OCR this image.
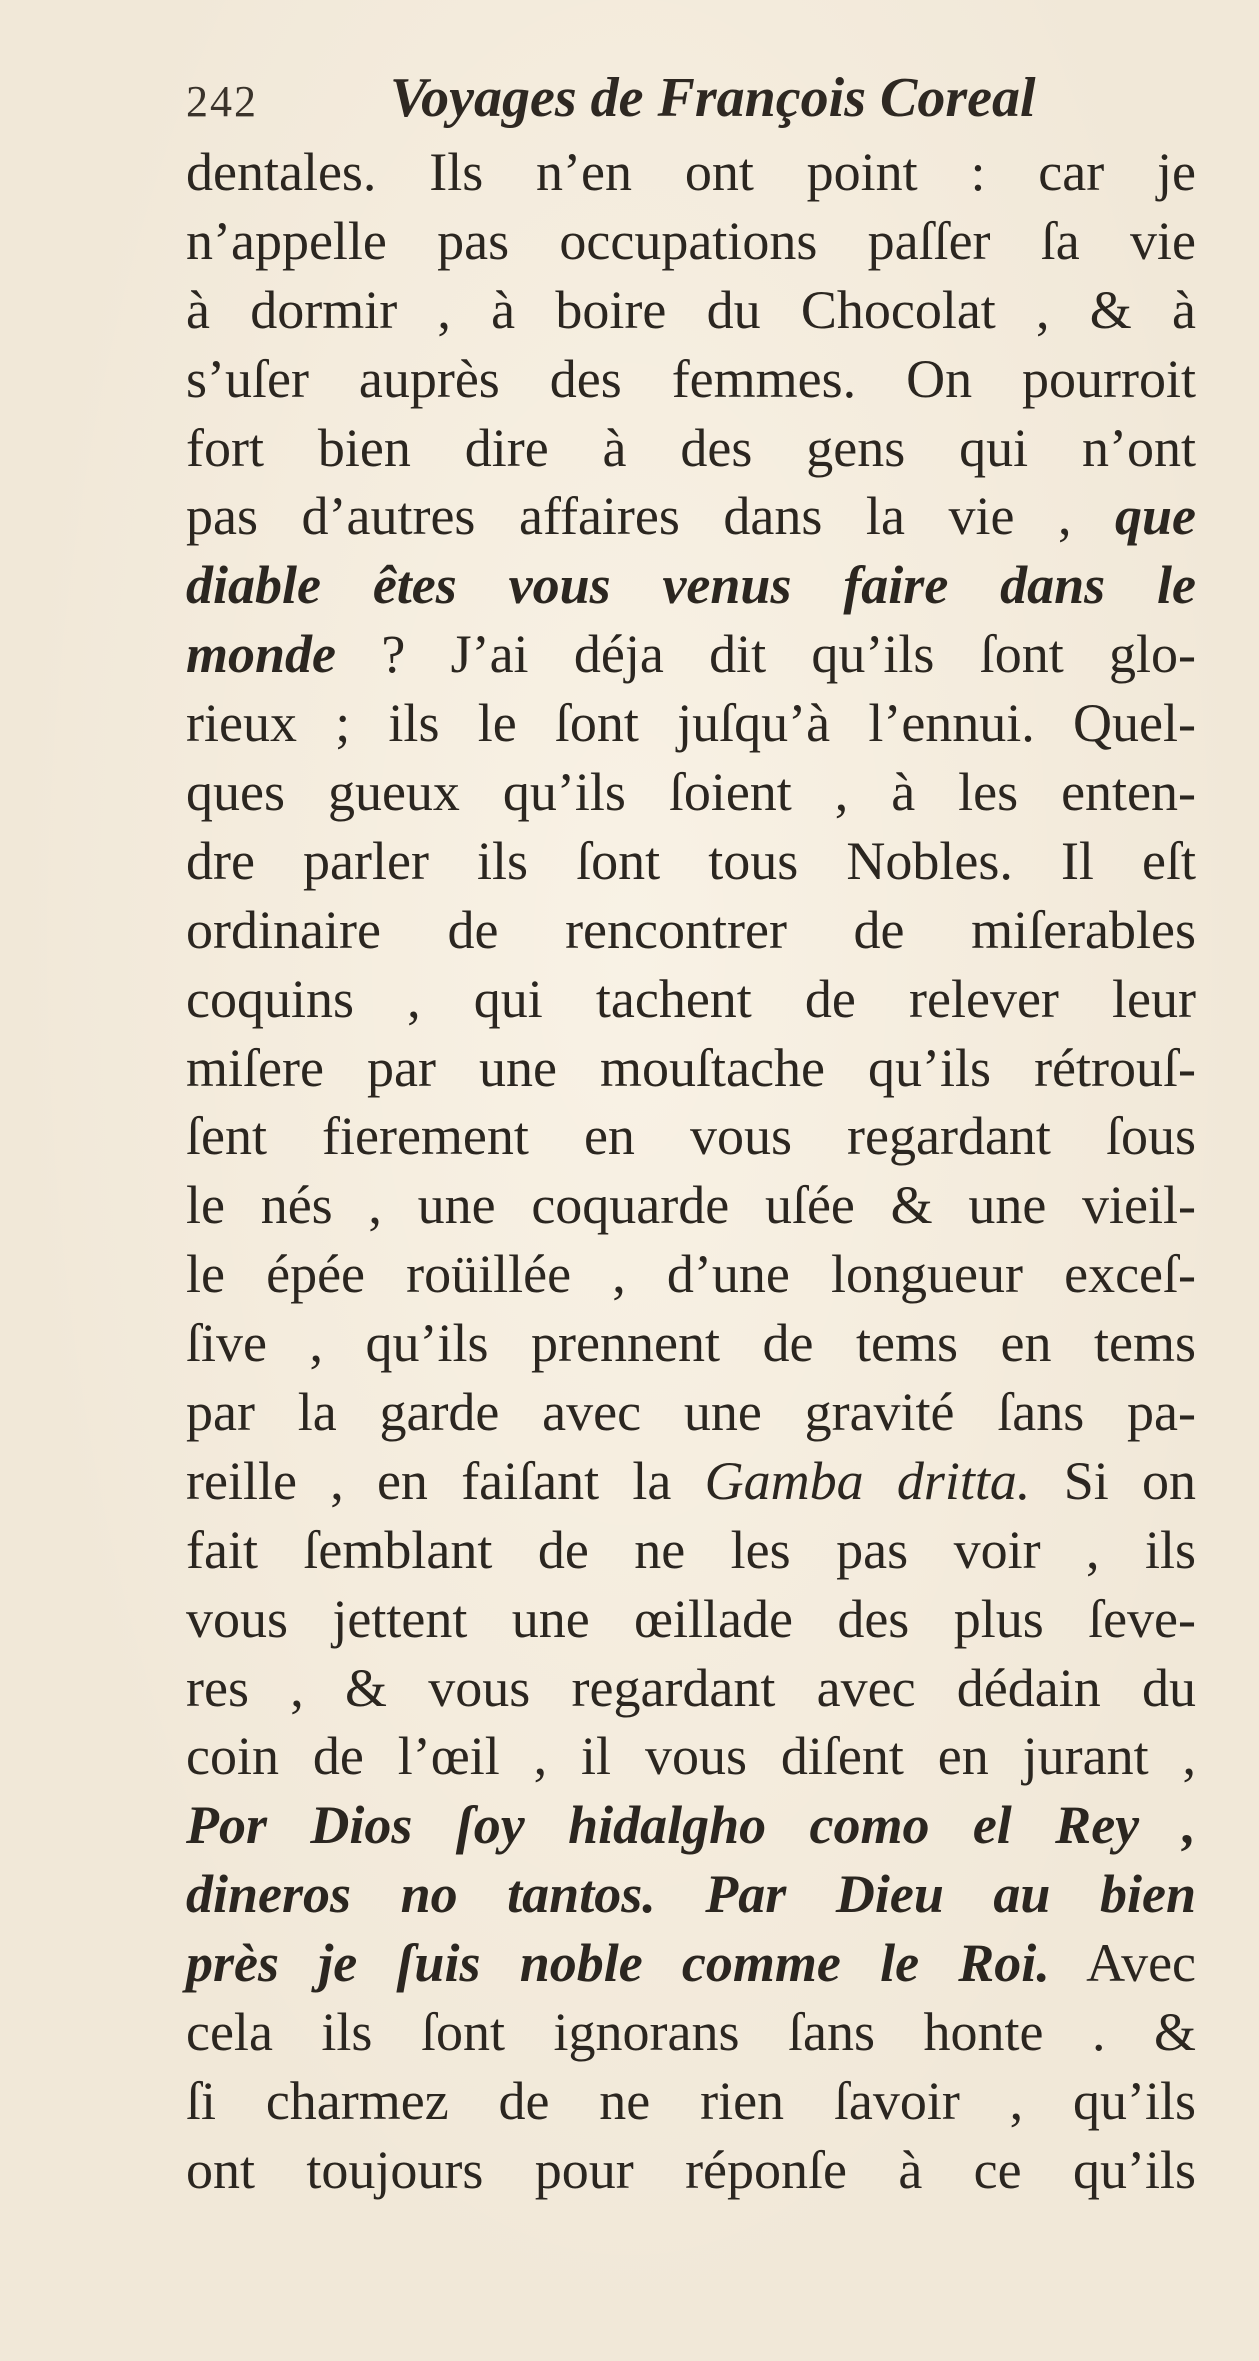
242 Voyages de François Coreal
dentales. Ils n’en ont point : car je
n’appelle pas occupations paſſer ſa vie
à dormir , à boire du Chocolat , & à
s’uſer auprès des femmes. On pourroit
fort bien dire à des gens qui n’ont
pas d’autres affaires dans la vie , que
diable êtes vous venus faire dans le
monde ? J’ai déja dit qu’ils ſont glo-
rieux ; ils le ſont juſqu’à l’ennui. Quel-
ques gueux qu’ils ſoient , à les enten-
dre parler ils ſont tous Nobles. Il eſt
ordinaire de rencontrer de miſerables
coquins , qui tachent de relever leur
miſere par une mouſtache qu’ils rétrouſ-
ſent fierement en vous regardant ſous
le nés , une coquarde uſée & une vieil-
le épée roüillée , d’une longueur exceſ-
ſive , qu’ils prennent de tems en tems
par la garde avec une gravité ſans pa-
reille , en faiſant la Gamba dritta. Si on
fait ſemblant de ne les pas voir , ils
vous jettent une œillade des plus ſeve-
res , & vous regardant avec dédain du
coin de l’œil , il vous diſent en jurant ,
Por Dios ſoy hidalgho como el Rey ,
dineros no tantos. Par Dieu au bien
près je ſuis noble comme le Roi. Avec
cela ils ſont ignorans ſans honte . &
ſi charmez de ne rien ſavoir , qu’ils
ont toujours pour réponſe à ce qu’ils
